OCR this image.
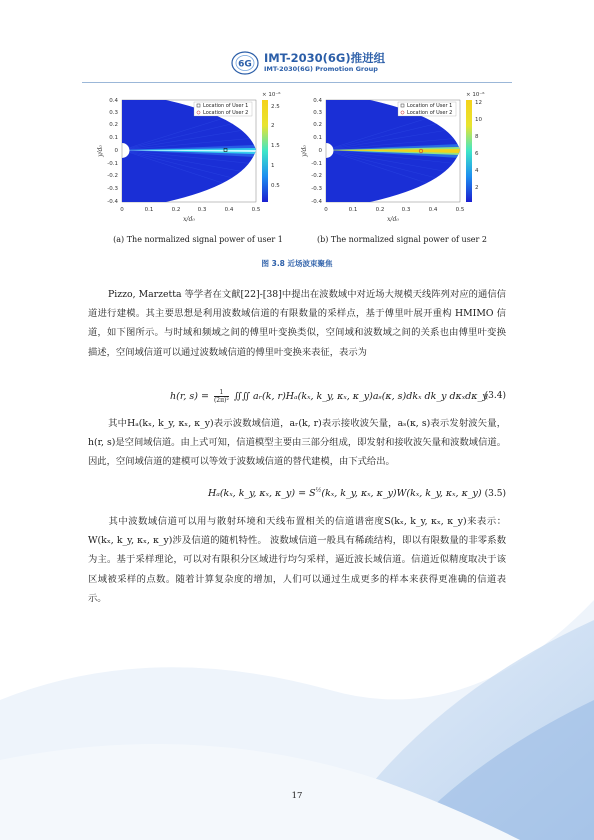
6G IMT-2030(6G)推进组
IMT-2030(6G) Promotion Group
Location of User 1
Location of User 2
0.4
0.3
0.2
0.1
0
-0.1
-0.2
-0.3
-0.4
0	0.1	0.2	0.3	0.4	0.5
x/d₀
y/d₀
× 10⁻⁶
2.5
2
1.5
1
0.5
(a) The normalized signal power of user 1
Location of User 1
Location of User 2
0.4
0.3
0.2
0.1
0
-0.1
-0.2
-0.3
-0.4
0	0.1	0.2	0.3	0.4	0.5
x/d₀
y/d₀
× 10⁻⁶
12
10
8
6
4
2
(b) The normalized signal power of user 2
图 3.8 近场波束聚焦
Pizzo, Marzetta 等学者在文献[22]-[38]中提出在波数域中对近场大规模天线阵列对应的通信信道进行建模。其主要思想是利用波数域信道的有限数量的采样点，基于傅里叶展开重构 HMIMO 信道，如下图所示。与时域和频域之间的傅里叶变换类似，空间域和波数域之间的关系也由傅里叶变换描述，空间域信道可以通过波数域信道的傅里叶变换来表征，表示为
h(r, $s) = \frac{1}{\text{(2π)²}}$ ∬∬ aᵣ(k, r)Hₐ(kₓ, k_y, κₓ, κ_y)aₛ(κ, s)dkₓ dk_y dκₓdκ_y
(3.4)
其中Hₐ(kₓ, k_y, κₓ, κ_y)表示波数域信道，aᵣ(k, r)表示接收波矢量，aₛ(κ, s)表示发射波矢量，h(r, s)是空间域信道。由上式可知，信道模型主要由三部分组成，即发射和接收波矢量和波数域信道。 因此，空间域信道的建模可以等效于波数域信道的替代建模，由下式给出。
Hₐ(kₓ, k_y, κₓ, κ_y) = $S^{\frac{1}{2}}(k_x$, k_y, κₓ, κ_y)W(kₓ, k_y, κₓ, κ_y) (3.5)
其中波数域信道可以用与散射环境和天线布置相关的信道谱密度S(kₓ, k_y, κₓ, κ_y)来表示：W(kₓ, k_y, κₓ, κ_y)涉及信道的随机特性。 波数域信道一般具有稀疏结构，即以有限数量的非零系数为主。基于采样理论，可以对有限积分区域进行均匀采样，逼近波长域信道。信道近似精度取决于该区域被采样的点数。随着计算复杂度的增加，人们可以通过生成更多的样本来获得更准确的信道表示。
17
